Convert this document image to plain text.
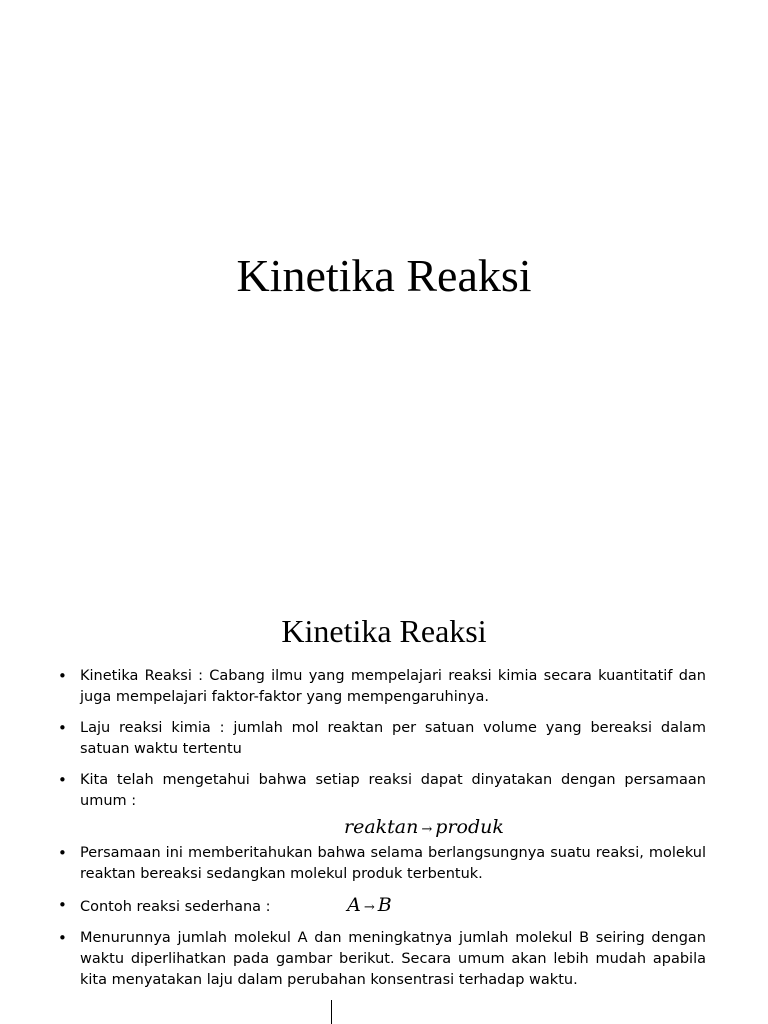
Kinetika Reaksi
Kinetika Reaksi
• Kinetika Reaksi : Cabang ilmu yang mempelajari reaksi kimia secara kuantitatif dan juga mempelajari faktor-faktor yang mempengaruhinya.
• Laju reaksi kimia : jumlah mol reaktan per satuan volume yang bereaksi dalam satuan waktu tertentu
• Kita telah mengetahui bahwa setiap reaksi dapat dinyatakan dengan persamaan umum :
reaktan → produk
• Persamaan ini memberitahukan bahwa selama berlangsungnya suatu reaksi, molekul reaktan bereaksi sedangkan molekul produk terbentuk.
• Contoh reaksi sederhana :	A → B
• Menurunnya jumlah molekul A dan meningkatnya jumlah molekul B seiring dengan waktu diperlihatkan pada gambar berikut. Secara umum akan lebih mudah apabila kita menyatakan laju dalam perubahan konsentrasi terhadap waktu.
